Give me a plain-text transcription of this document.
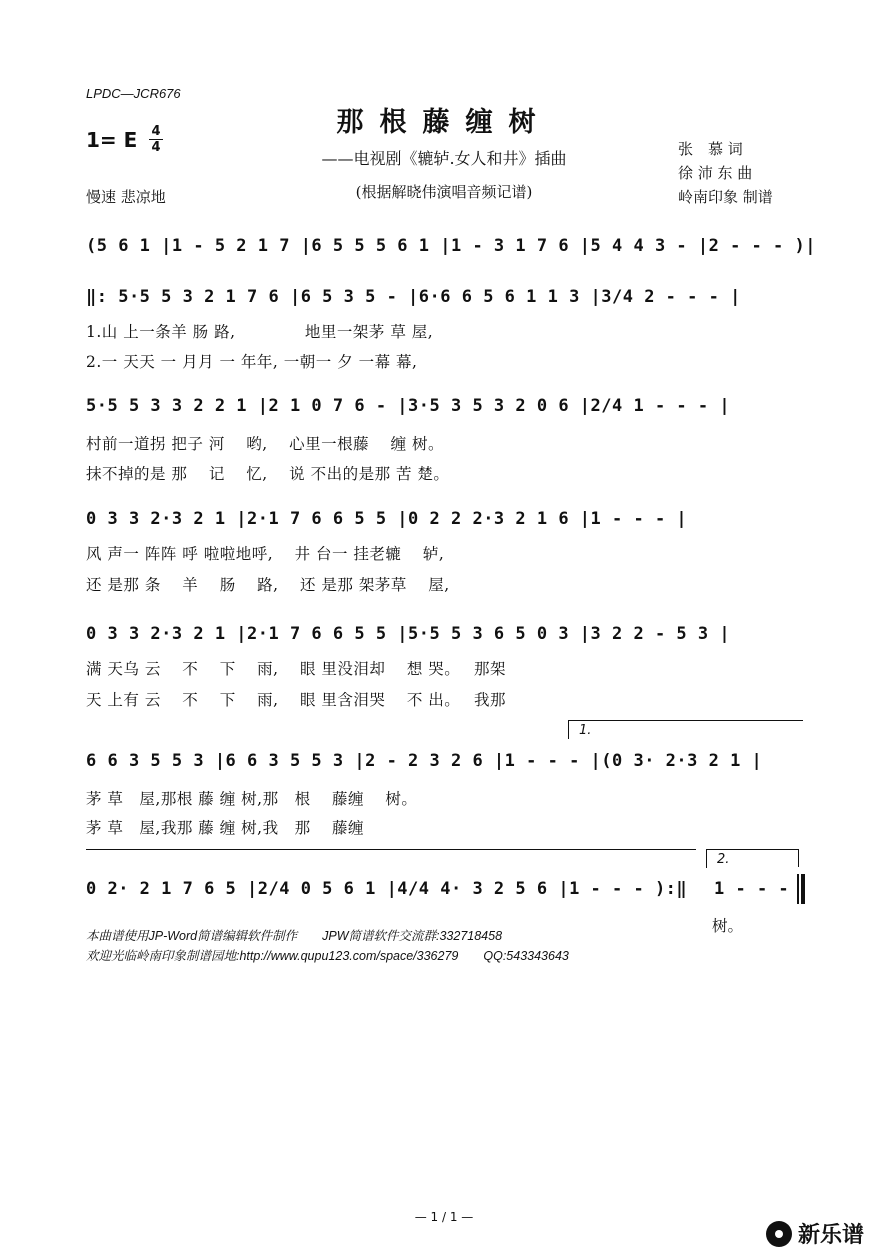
LPDC—JCR676
那根藤缠树
——电视剧《辘轳.女人和井》插曲
(根据解晓伟演唱音频记谱)
1= E 4
4
慢速 悲凉地
张　慕 词
徐 沛 东 曲
岭南印象 制谱
(5 6 1 |1 - 5 2 1 7 |6 5 5 5 6 1 |1 - 3 1 7 6 |5 4 4 3 - |2 - - - )|
‖: 5·5 5 3 2 1 7 6 |6 5 3 5 - |6·6 6 5 6 1 1 3 |3/4 2 - - - |
1.山 上一条羊 肠 路,　　　　 地里一架茅 草 屋,
2.一 天天 一 月月 一 年年, 一朝一 夕 一幕 幕,
5·5 5 3 3 2 2 1 |2 1 0 7 6 - |3·5 3 5 3 2 0 6 |2/4 1 - - - |
村前一道拐 把子 河　 哟,　 心里一根藤　 缠 树。
抹不掉的是 那　 记　 忆,　 说 不出的是那 苦 楚。
0 3 3 2·3 2 1 |2·1 7 6 6 5 5 |0 2 2 2·3 2 1 6 |1 - - - |
风 声一 阵阵 呼 啦啦地呼,　 井 台一 挂老辘　 轳,
还 是那 条　 羊　 肠　 路,　 还 是那 架茅草　 屋,
0 3 3 2·3 2 1 |2·1 7 6 6 5 5 |5·5 5 3 6 5 0 3 |3 2 2 - 5 3 |
满 天乌 云　 不　 下　 雨,　 眼 里没泪却　 想 哭。　 那架
天 上有 云　 不　 下　 雨,　 眼 里含泪哭　 不 出。　 我那
1.
6 6 3 5 5 3 |6 6 3 5 5 3 |2 - 2 3 2 6 |1 - - - |(0 3· 2·3 2 1 |
茅 草　屋,那根 藤 缠 树,那　根　 藤缠　 树。
茅 草　屋,我那 藤 缠 树,我　那　 藤缠
2.
0 2· 2 1 7 6 5 |2/4 0 5 6 1 |4/4 4· 3 2 5 6 |1 - - - ):‖ 1 - - -
树。
本曲谱使用JP-Word简谱编辑软件制作　　JPW简谱软件交流群:332718458
欢迎光临岭南印象制谱园地:http://www.qupu123.com/space/336279　　QQ:543343643
— 1 / 1 —
新乐谱
